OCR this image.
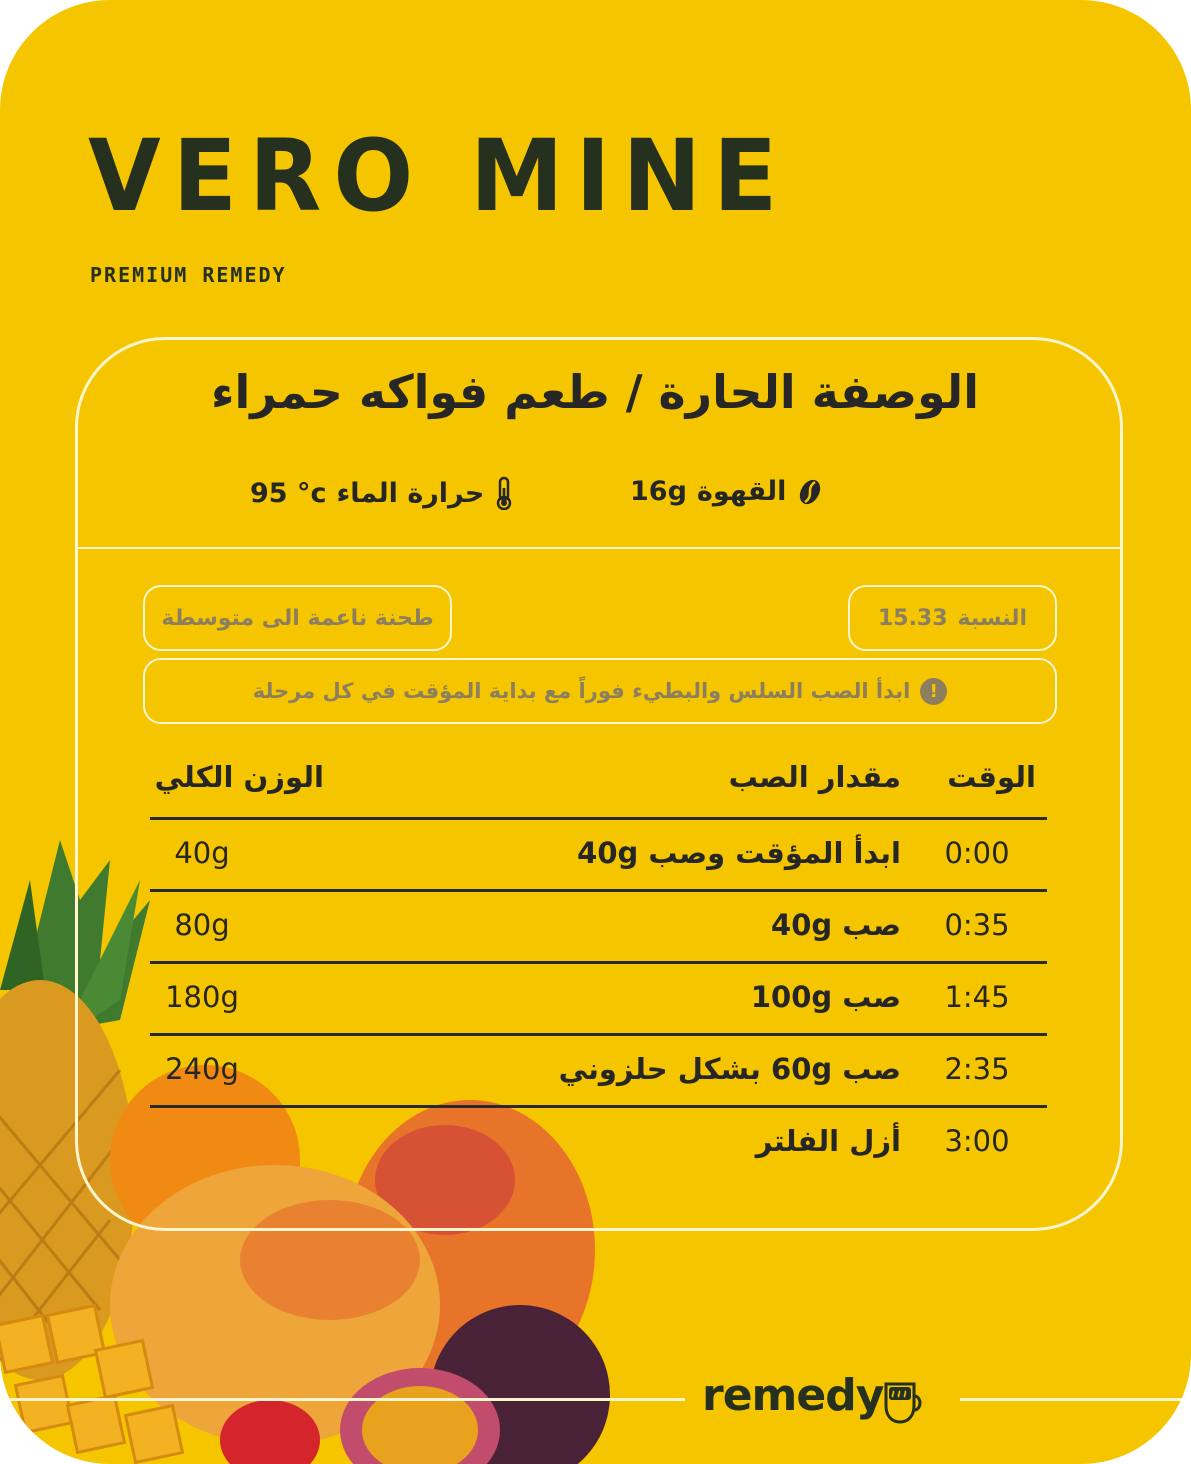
VERO MINE
PREMIUM REMEDY
الوصفة الحارة / طعم فواكه حمراء
القهوة
16g
حرارة الماء
95 °c
النسبة
15.33
طحنة ناعمة الى متوسطة
!
ابدأ الصب السلس والبطيء فوراً مع بداية المؤقت في كل مرحلة
الوقت
مقدار الصب
الوزن الكلي
0:00
ابدأ المؤقت وصب 40g
40g
0:35
صب 40g
80g
1:45
صب 100g
180g
2:35
صب 60g بشكل حلزوني
240g
3:00
أزل الفلتر
remedy
